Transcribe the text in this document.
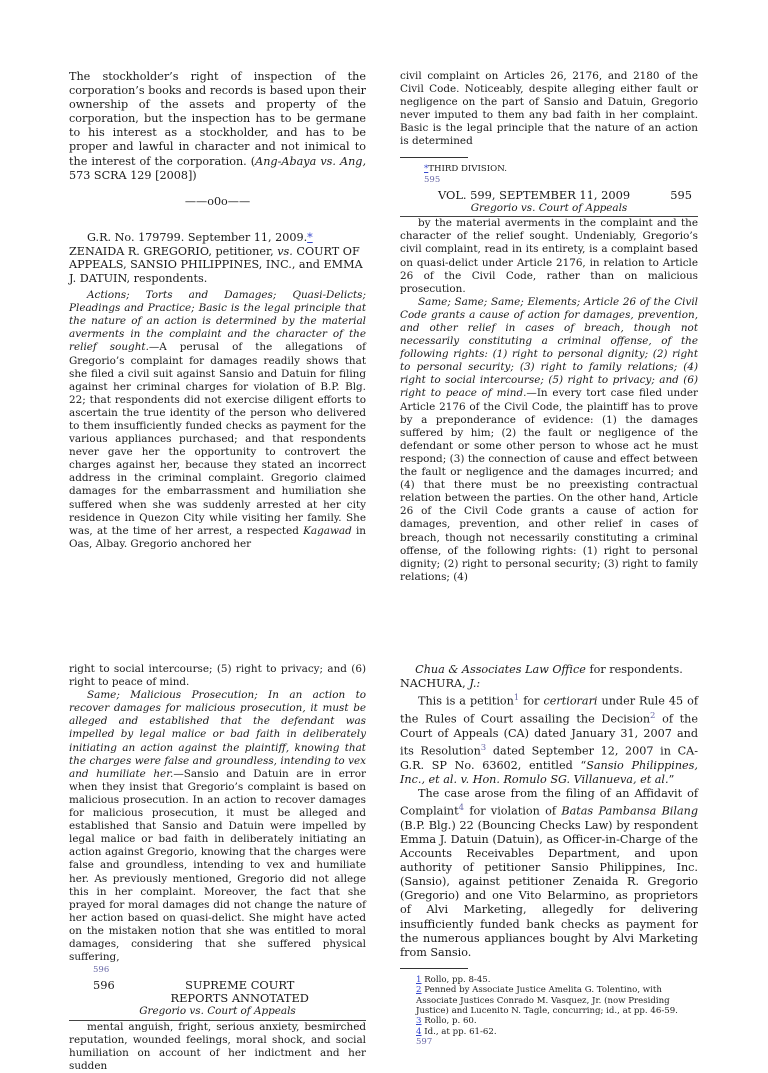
The stockholder’s right of inspection of the corporation’s books and records is based upon their ownership of the assets and property of the corporation, but the inspection has to be germane to his interest as a stockholder, and has to be proper and lawful in character and not inimical to the interest of the corporation. (Ang-Abaya vs. Ang, 573 SCRA 129 [2008])

——o0o——

G.R. No. 179799. September 11, 2009.*

ZENAIDA R. GREGORIO, petitioner, vs. COURT OF APPEALS, SANSIO PHILIPPINES, INC., and EMMA J. DATUIN, respondents.

Actions; Torts and Damages; Quasi-Delicts; Pleadings and Practice; Basic is the legal principle that the nature of an action is determined by the material averments in the complaint and the character of the relief sought.—A perusal of the allegations of Gregorio’s complaint for damages readily shows that she filed a civil suit against Sansio and Datuin for filing against her criminal charges for violation of B.P. Blg. 22; that respondents did not exercise diligent efforts to ascertain the true identity of the person who delivered to them insufficiently funded checks as payment for the various appliances purchased; and that respondents never gave her the opportunity to controvert the charges against her, because they stated an incorrect address in the criminal complaint. Gregorio claimed damages for the embarrassment and humiliation she suffered when she was suddenly arrested at her city residence in Quezon City while visiting her family. She was, at the time of her arrest, a respected Kagawad in Oas, Albay. Gregorio anchored her

civil complaint on Articles 26, 2176, and 2180 of the Civil Code. Noticeably, despite alleging either fault or negligence on the part of Sansio and Datuin, Gregorio never imputed to them any bad faith in her complaint. Basic is the legal principle that the nature of an action is determined

*THIRD DIVISION.

595

VOL. 599, SEPTEMBER 11, 2009	595

Gregorio vs. Court of Appeals

by the material averments in the complaint and the character of the relief sought. Undeniably, Gregorio’s civil complaint, read in its entirety, is a complaint based on quasi-delict under Article 2176, in relation to Article 26 of the Civil Code, rather than on malicious prosecution.

Same; Same; Same; Elements; Article 26 of the Civil Code grants a cause of action for damages, prevention, and other relief in cases of breach, though not necessarily constituting a criminal offense, of the following rights: (1) right to personal dignity; (2) right to personal security; (3) right to family relations; (4) right to social intercourse; (5) right to privacy; and (6) right to peace of mind.—In every tort case filed under Article 2176 of the Civil Code, the plaintiff has to prove by a preponderance of evidence: (1) the damages suffered by him; (2) the fault or negligence of the defendant or some other person to whose act he must respond; (3) the connection of cause and effect between the fault or negligence and the damages incurred; and (4) that there must be no preexisting contractual relation between the parties. On the other hand, Article 26 of the Civil Code grants a cause of action for damages, prevention, and other relief in cases of breach, though not necessarily constituting a criminal offense, of the following rights: (1) right to personal dignity; (2) right to personal security; (3) right to family relations; (4)

right to social intercourse; (5) right to privacy; and (6) right to peace of mind.

Same; Malicious Prosecution; In an action to recover damages for malicious prosecution, it must be alleged and established that the defendant was impelled by legal malice or bad faith in deliberately initiating an action against the plaintiff, knowing that the charges were false and groundless, intending to vex and humiliate her.—Sansio and Datuin are in error when they insist that Gregorio’s complaint is based on malicious prosecution. In an action to recover damages for malicious prosecution, it must be alleged and established that Sansio and Datuin were impelled by legal malice or bad faith in deliberately initiating an action against Gregorio, knowing that the charges were false and groundless, intending to vex and humiliate her. As previously mentioned, Gregorio did not allege this in her complaint. Moreover, the fact that she prayed for moral damages did not change the nature of her action based on quasi-delict. She might have acted on the mistaken notion that she was entitled to moral damages, considering that she suffered physical suffering,

596

596	SUPREME COURT REPORTS ANNOTATED

Gregorio vs. Court of Appeals

mental anguish, fright, serious anxiety, besmirched reputation, wounded feelings, moral shock, and social humiliation on account of her indictment and her sudden

Chua & Associates Law Office for respondents.

NACHURA, J.:

This is a petition$^1$ for certiorari under Rule 45 of the Rules of Court assailing the Decision$^2$ of the Court of Appeals (CA) dated January 31, 2007 and its Resolution$^3$ dated September 12, 2007 in CA-G.R. SP No. 63602, entitled “Sansio Philippines, Inc., et al. v. Hon. Romulo SG. Villanueva, et al.”

The case arose from the filing of an Affidavit of Complaint$^4$ for violation of Batas Pambansa Bilang (B.P. Blg.) 22 (Bouncing Checks Law) by respondent Emma J. Datuin (Datuin), as Officer-in-Charge of the Accounts Receivables Department, and upon authority of petitioner Sansio Philippines, Inc. (Sansio), against petitioner Zenaida R. Gregorio (Gregorio) and one Vito Belarmino, as proprietors of Alvi Marketing, allegedly for delivering insufficiently funded bank checks as payment for the numerous appliances bought by Alvi Marketing from Sansio.

1 Rollo, pp. 8-45.

2 Penned by Associate Justice Amelita G. Tolentino, with Associate Justices Conrado M. Vasquez, Jr. (now Presiding Justice) and Lucenito N. Tagle, concurring; id., at pp. 46-59.

3 Rollo, p. 60.

4 Id., at pp. 61-62.

597
